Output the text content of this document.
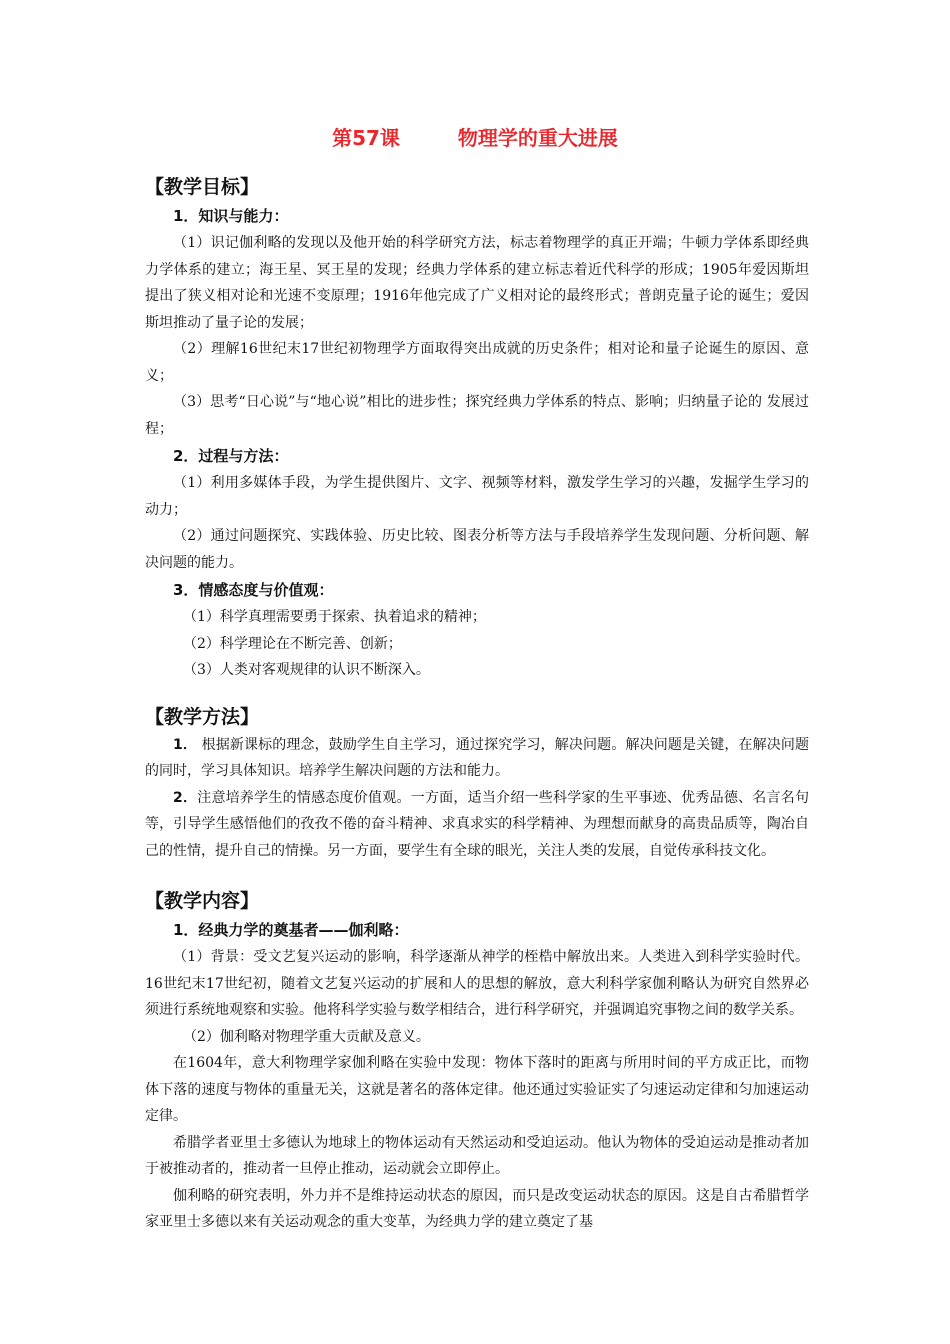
第57课	物理学的重大进展
【教学目标】
1．知识与能力：

（1）识记伽利略的发现以及他开始的科学研究方法，标志着物理学的真正开端；牛顿力学体系即经典力学体系的建立；海王星、冥王星的发现；经典力学体系的建立标志着近代科学的形成；1905年爱因斯坦提出了狭义相对论和光速不变原理；1916年他完成了广义相对论的最终形式；普朗克量子论的诞生；爱因斯坦推动了量子论的发展；

（2）理解16世纪末17世纪初物理学方面取得突出成就的历史条件；相对论和量子论诞生的原因、意义；

（3）思考“日心说”与“地心说”相比的进步性；探究经典力学体系的特点、影响；归纳量子论的 发展过程；

2．过程与方法：

（1）利用多媒体手段，为学生提供图片、文字、视频等材料，激发学生学习的兴趣，发掘学生学习的动力；

（2）通过问题探究、实践体验、历史比较、图表分析等方法与手段培养学生发现问题、分析问题、解决问题的能力。

3．情感态度与价值观：

（1）科学真理需要勇于探索、执着追求的精神；

（2）科学理论在不断完善、创新；

（3）人类对客观规律的认识不断深入。

【教学方法】

1． 根据新课标的理念，鼓励学生自主学习，通过探究学习，解决问题。解决问题是关键，在解决问题的同时，学习具体知识。培养学生解决问题的方法和能力。

2．注意培养学生的情感态度价值观。一方面，适当介绍一些科学家的生平事迹、优秀品德、名言名句等，引导学生感悟他们的孜孜不倦的奋斗精神、求真求实的科学精神、为理想而献身的高贵品质等，陶冶自己的性情，提升自己的情操。另一方面，要学生有全球的眼光，关注人类的发展，自觉传承科技文化。

【教学内容】
1．经典力学的奠基者——伽利略：

（1）背景：受文艺复兴运动的影响，科学逐渐从神学的桎梏中解放出来。人类进入到科学实验时代。16世纪末17世纪初，随着文艺复兴运动的扩展和人的思想的解放，意大利科学家伽利略认为研究自然界必须进行系统地观察和实验。他将科学实验与数学相结合，进行科学研究，并强调追究事物之间的数学关系。

（2）伽利略对物理学重大贡献及意义。

在1604年，意大利物理学家伽利略在实验中发现：物体下落时的距离与所用时间的平方成正比，而物体下落的速度与物体的重量无关，这就是著名的落体定律。他还通过实验证实了匀速运动定律和匀加速运动定律。

希腊学者亚里士多德认为地球上的物体运动有天然运动和受迫运动。他认为物体的受迫运动是推动者加于被推动者的，推动者一旦停止推动，运动就会立即停止。

伽利略的研究表明，外力并不是维持运动状态的原因，而只是改变运动状态的原因。这是自古希腊哲学家亚里士多德以来有关运动观念的重大变革，为经典力学的建立奠定了基
